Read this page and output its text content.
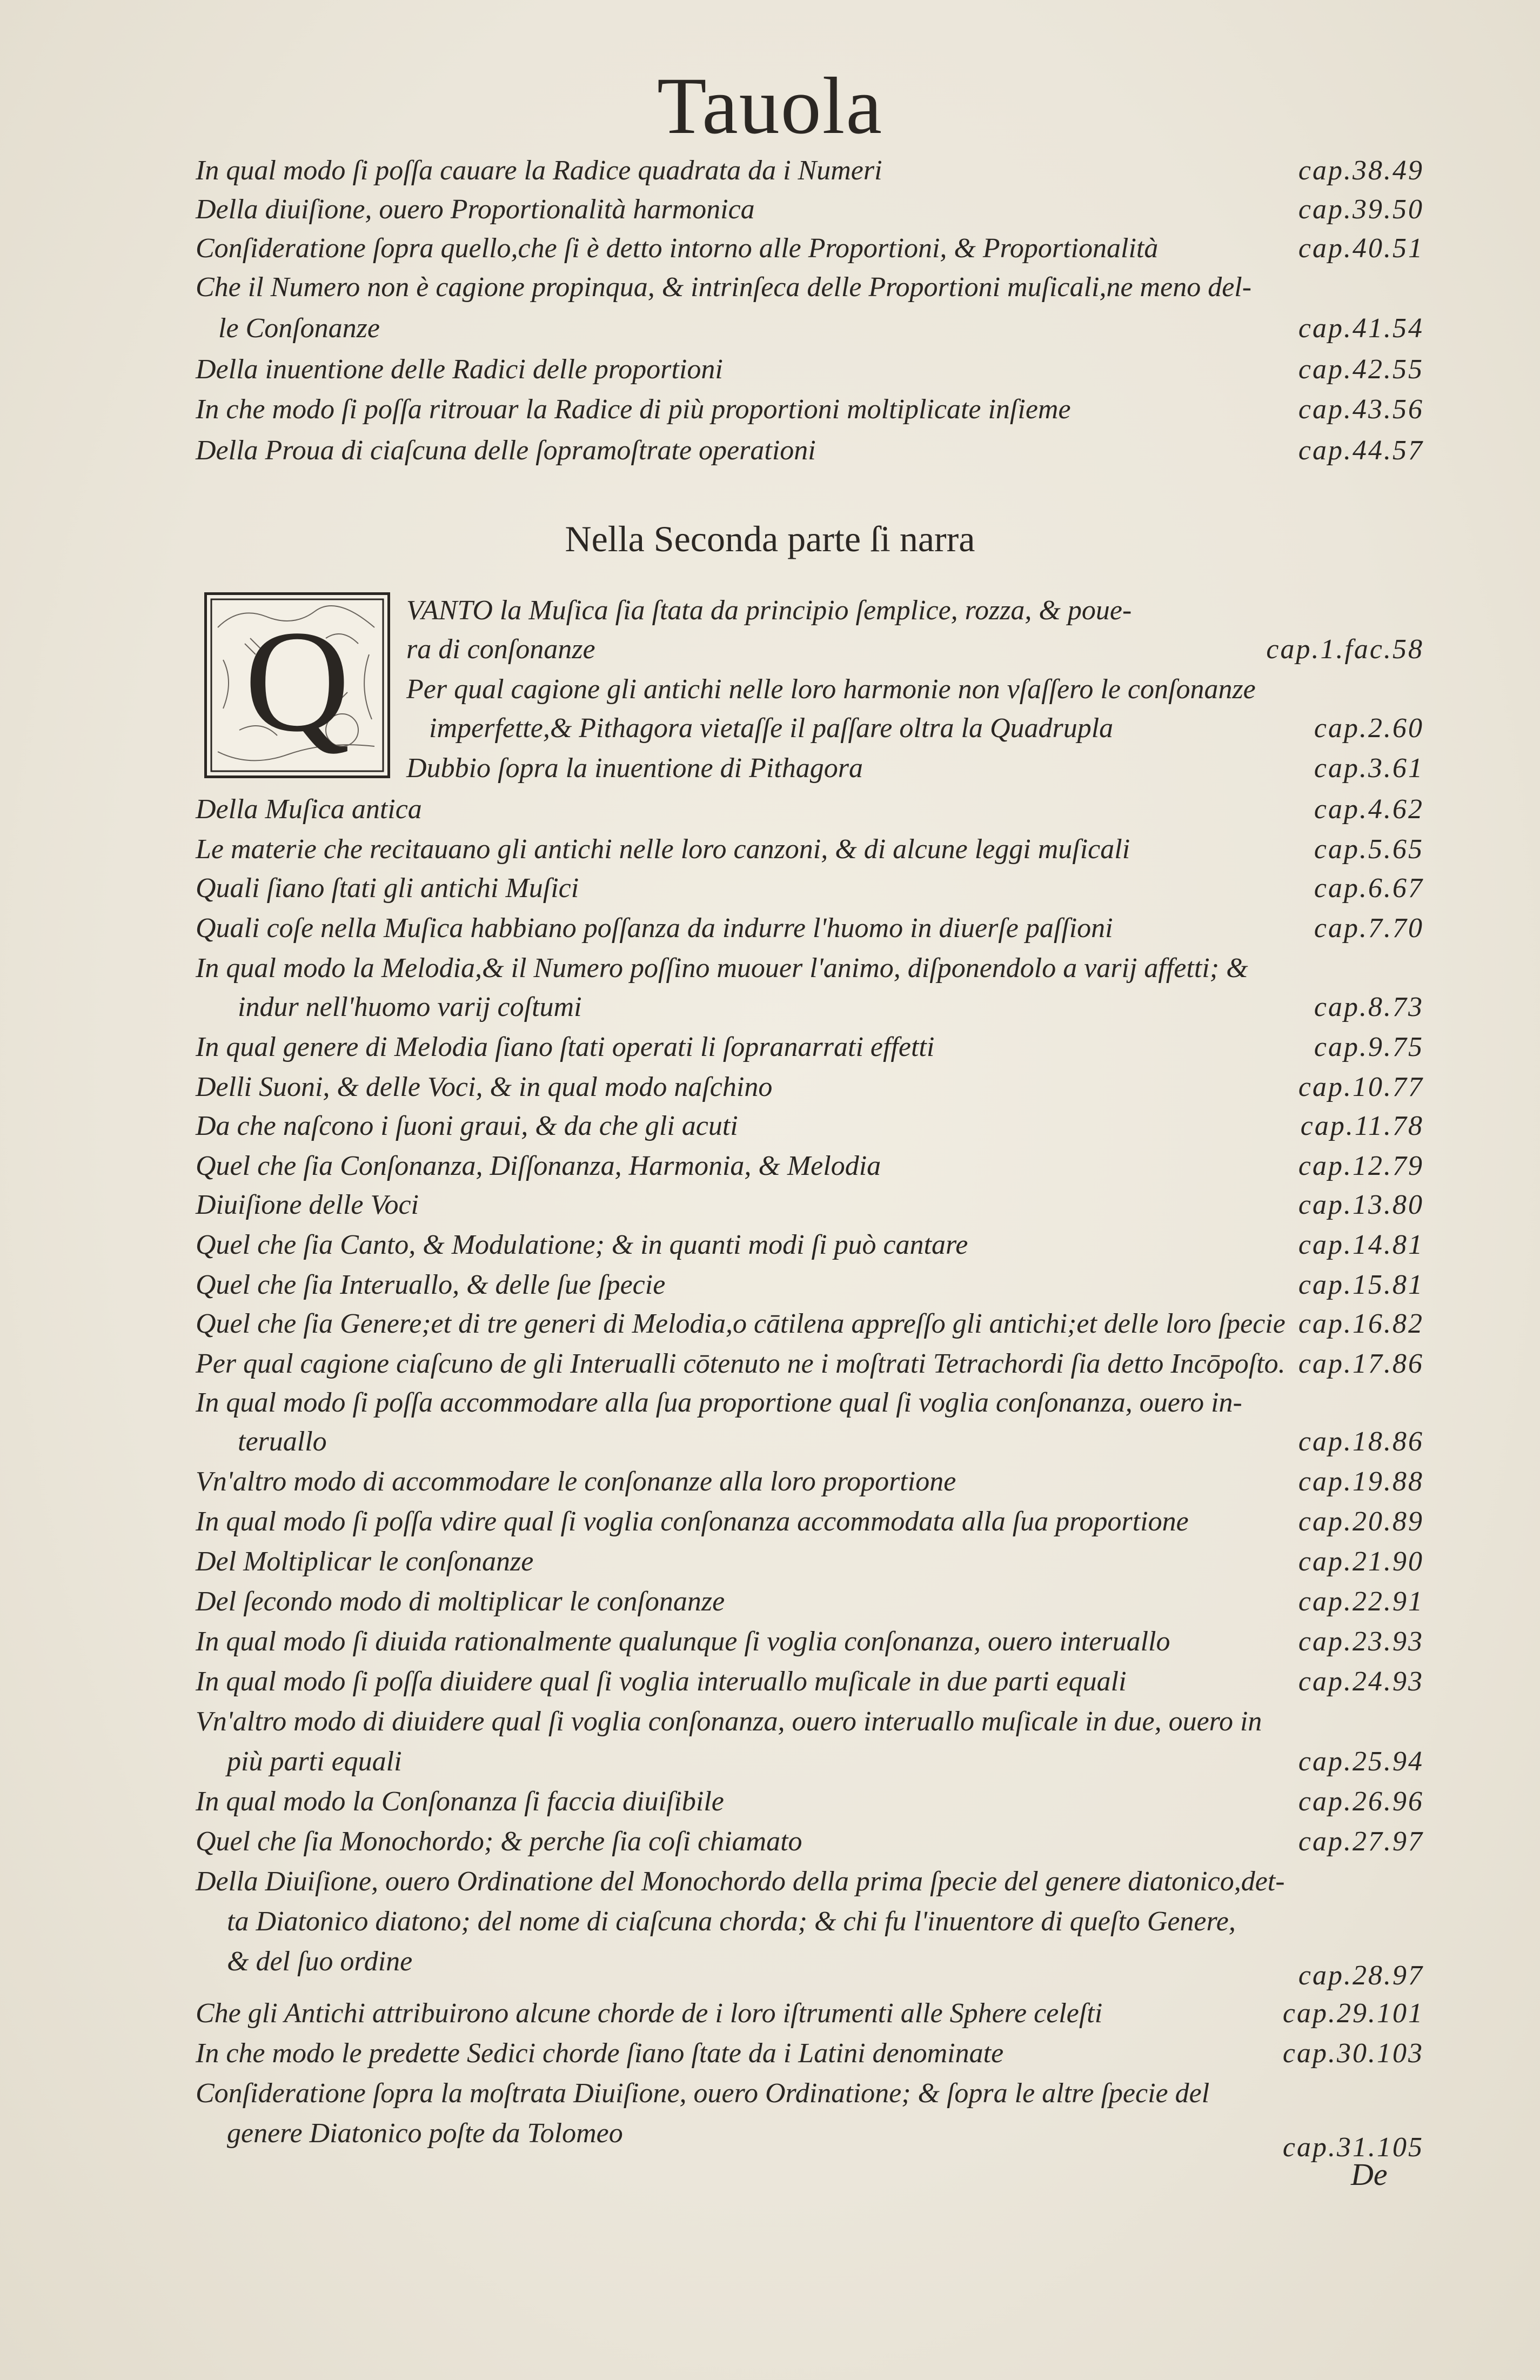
Tauola
In qual modo ſi poſſa cauare la Radice quadrata da i Numeri	cap.38.49
Della diuiſione, ouero Proportionalità harmonica	cap.39.50
Conſideratione ſopra quello,che ſi è detto intorno alle Proportioni, & Proportionalità	cap.40.51
Che il Numero non è cagione propinqua, & intrinſeca delle Proportioni muſicali,ne meno del-
le Conſonanze	cap.41.54
Della inuentione delle Radici delle proportioni	cap.42.55
In che modo ſi poſſa ritrouar la Radice di più proportioni moltiplicate inſieme	cap.43.56
Della Proua di ciaſcuna delle ſopramoſtrate operationi	cap.44.57
Nella Seconda parte ſi narra
Q VANTO la Muſica ſia ſtata da principio ſemplice, rozza, & poue-
ra di conſonanze	cap.1.fac.58
Per qual cagione gli antichi nelle loro harmonie non vſaſſero le conſonanze
imperfette,& Pithagora vietaſſe il paſſare oltra la Quadrupla	cap.2.60
Dubbio ſopra la inuentione di Pithagora	cap.3.61
Della Muſica antica	cap.4.62
Le materie che recitauano gli antichi nelle loro canzoni, & di alcune leggi muſicali	cap.5.65
Quali ſiano ſtati gli antichi Muſici	cap.6.67
Quali coſe nella Muſica habbiano poſſanza da indurre l'huomo in diuerſe paſſioni	cap.7.70
In qual modo la Melodia,& il Numero poſſino muouer l'animo, diſponendolo a varij affetti; &
indur nell'huomo varij coſtumi	cap.8.73
In qual genere di Melodia ſiano ſtati operati li ſopranarrati effetti	cap.9.75
Delli Suoni, & delle Voci, & in qual modo naſchino	cap.10.77
Da che naſcono i ſuoni graui, & da che gli acuti	cap.11.78
Quel che ſia Conſonanza, Diſſonanza, Harmonia, & Melodia	cap.12.79
Diuiſione delle Voci	cap.13.80
Quel che ſia Canto, & Modulatione; & in quanti modi ſi può cantare	cap.14.81
Quel che ſia Interuallo, & delle ſue ſpecie	cap.15.81
Quel che ſia Genere;et di tre generi di Melodia,o cātilena appreſſo gli antichi;et delle loro ſpecie cap.16.82
Per qual cagione ciaſcuno de gli Interualli cōtenuto ne i moſtrati Tetrachordi ſia detto Incōpoſto. cap.17.86
In qual modo ſi poſſa accommodare alla ſua proportione qual ſi voglia conſonanza, ouero in-
teruallo	cap.18.86
Vn'altro modo di accommodare le conſonanze alla loro proportione	cap.19.88
In qual modo ſi poſſa vdire qual ſi voglia conſonanza accommodata alla ſua proportione	cap.20.89
Del Moltiplicar le conſonanze	cap.21.90
Del ſecondo modo di moltiplicar le conſonanze	cap.22.91
In qual modo ſi diuida rationalmente qualunque ſi voglia conſonanza, ouero interuallo	cap.23.93
In qual modo ſi poſſa diuidere qual ſi voglia interuallo muſicale in due parti equali	cap.24.93
Vn'altro modo di diuidere qual ſi voglia conſonanza, ouero interuallo muſicale in due, ouero in
più parti equali	cap.25.94
In qual modo la Conſonanza ſi faccia diuiſibile	cap.26.96
Quel che ſia Monochordo; & perche ſia coſi chiamato	cap.27.97
Della Diuiſione, ouero Ordinatione del Monochordo della prima ſpecie del genere diatonico,det-
ta Diatonico diatono; del nome di ciaſcuna chorda; & chi fu l'inuentore di queſto Genere,
& del ſuo ordine	cap.28.97
Che gli Antichi attribuirono alcune chorde de i loro iſtrumenti alle Sphere celeſti	cap.29.101
In che modo le predette Sedici chorde ſiano ſtate da i Latini denominate	cap.30.103
Conſideratione ſopra la moſtrata Diuiſione, ouero Ordinatione; & ſopra le altre ſpecie del
genere Diatonico poſte da Tolomeo	cap.31.105
De
